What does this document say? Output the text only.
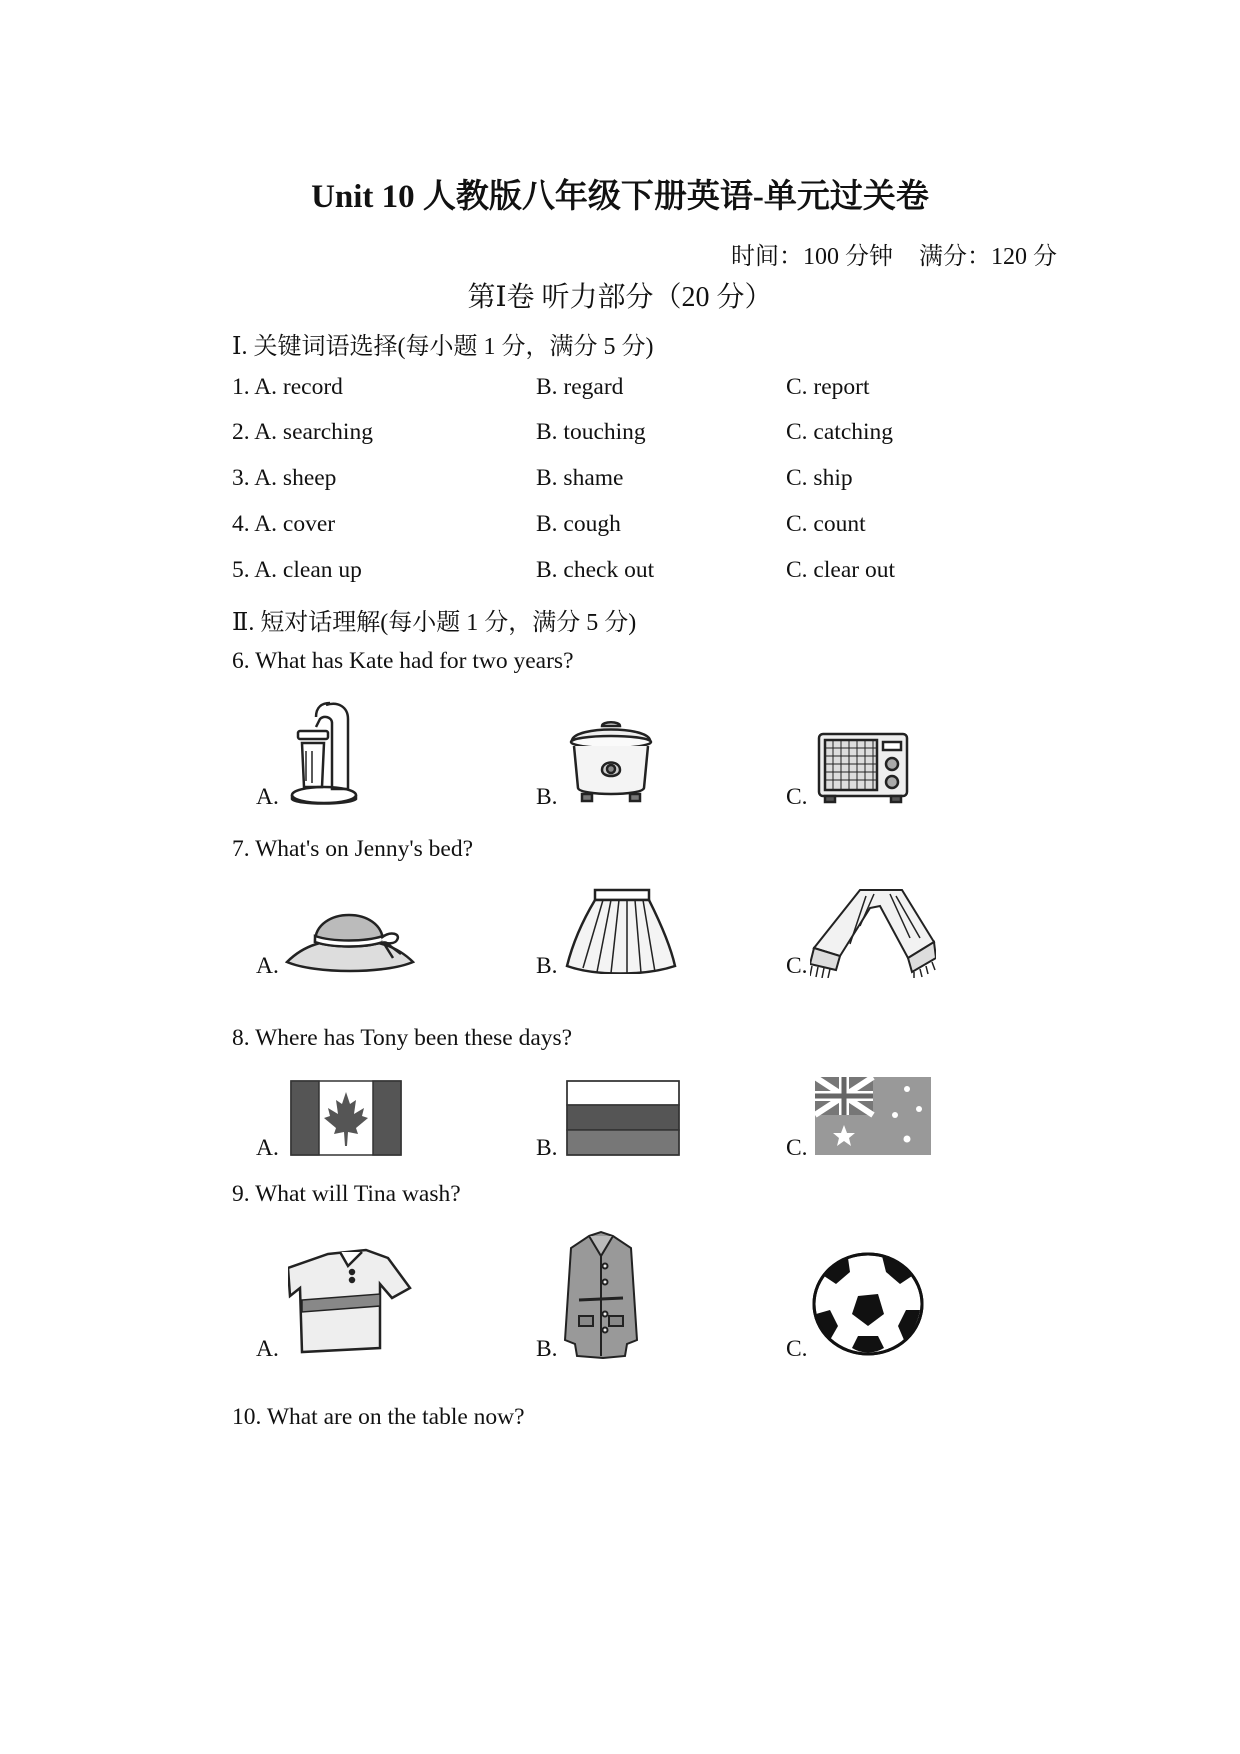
Unit 10 人教版八年级下册英语-单元过关卷
时间：100 分钟 满分：120 分
第Ⅰ卷 听力部分（20 分）
Ⅰ. 关键词语选择(每小题 1 分，满分 5 分)
1. A. record	B. regard	C. report
2. A. searching	B. touching	C. catching
3. A. sheep	B. shame	C. ship
4. A. cover	B. cough	C. count
5. A. clean up	B. check out	C. clear out
Ⅱ. 短对话理解(每小题 1 分，满分 5 分)
6. What has Kate had for two years?
A.	B.	C.
7. What's on Jenny's bed?
A.	B.	C.
8. Where has Tony been these days?
A.	B.	C.
9. What will Tina wash?
A.	B.	C.
10. What are on the table now?
